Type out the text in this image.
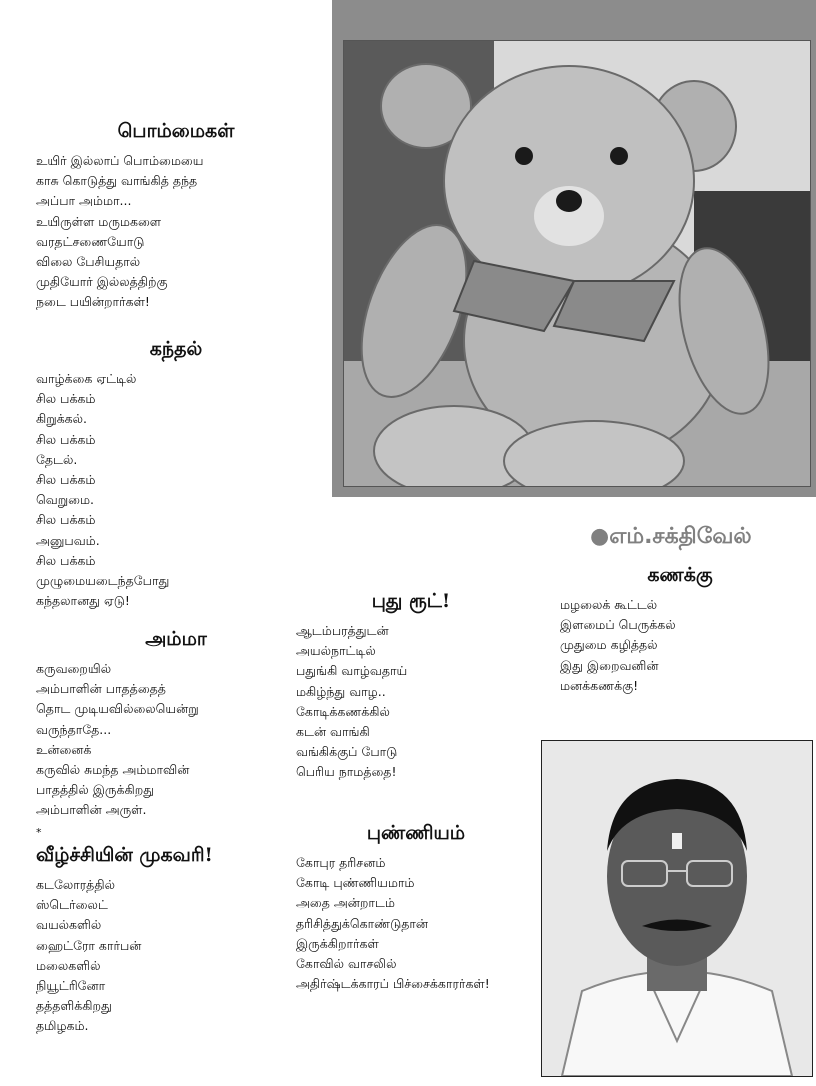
பொம்மைகள்
உயிர் இல்லாப் பொம்மையை
காசு கொடுத்து வாங்கித் தந்த
அப்பா அம்மா...
உயிருள்ள மருமகளை
வரதட்சணையோடு
விலை பேசியதால்
முதியோர் இல்லத்திற்கு
நடை பயின்றார்கள்!
கந்தல்
வாழ்க்கை ஏட்டில்
சில பக்கம்
கிறுக்கல்.
சில பக்கம்
தேடல்.
சில பக்கம்
வெறுமை.
சில பக்கம்
அனுபவம்.
சில பக்கம்
முழுமையடைந்தபோது
கந்தலானது ஏடு!
அம்மா
கருவறையில்
அம்பாளின் பாதத்தைத்
தொட முடியவில்லையென்று
வருந்தாதே...
உன்னைக்
கருவில் சுமந்த அம்மாவின்
பாதத்தில் இருக்கிறது
அம்பாளின் அருள்.
*
வீழ்ச்சியின் முகவரி!
கடலோரத்தில்
ஸ்டெர்லைட்
வயல்களில்
ஹைட்ரோ கார்பன்
மலைகளில்
நியூட்ரினோ
தத்தளிக்கிறது
தமிழகம்.
புது ரூட்!
ஆடம்பரத்துடன்
அயல்நாட்டில்
பதுங்கி வாழ்வதாய்
மகிழ்ந்து வாழ..
கோடிக்கணக்கில்
கடன் வாங்கி
வங்கிக்குப் போடு
பெரிய நாமத்தை!
புண்ணியம்
கோபுர தரிசனம்
கோடி புண்ணியமாம்
அதை அன்றாடம்
தரிசித்துக்கொண்டுதான்
இருக்கிறார்கள்
கோவில் வாசலில்
அதிர்ஷ்டக்காரப் பிச்சைக்காரர்கள்!
●எம்.சக்திவேல்
கணக்கு
மழலைக் கூட்டல்
இளமைப் பெருக்கல்
முதுமை கழித்தல்
இது இறைவனின்
மனக்கணக்கு!
